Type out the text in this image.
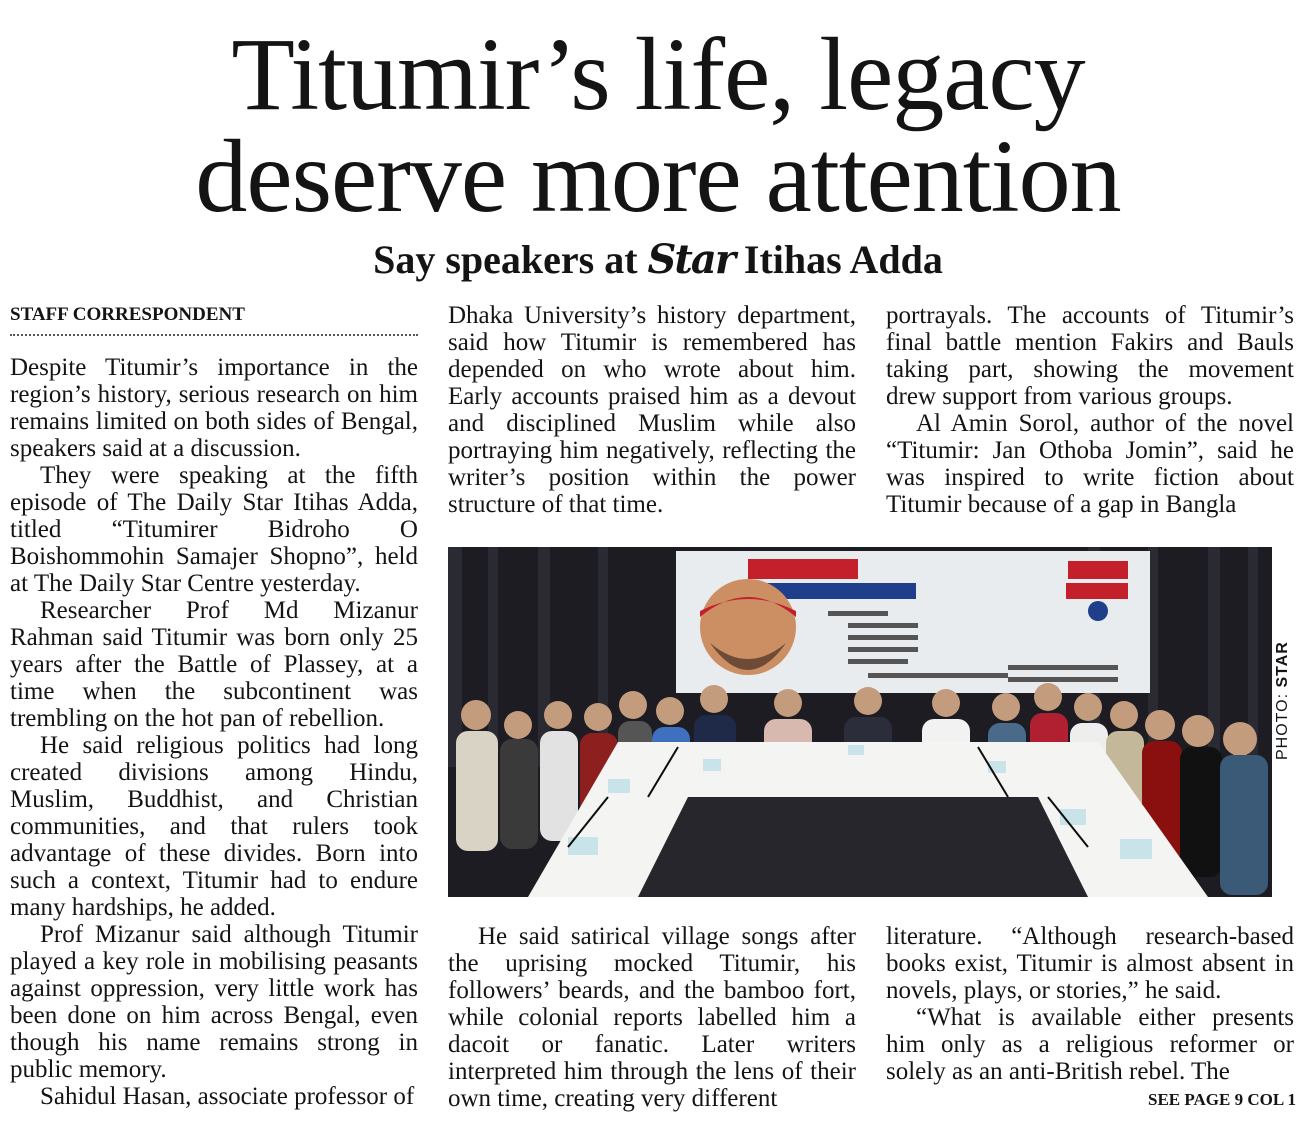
Titumir’s life, legacy
deserve more attention
Say speakers at Star Itihas Adda
STAFF CORRESPONDENT

Despite Titumir’s importance in the region’s history, serious research on him remains limited on both sides of Bengal, speakers said at a discussion.

They were speaking at the fifth episode of The Daily Star Itihas Adda, titled “Titumirer Bidroho O Boishommohin Samajer Shopno”, held at The Daily Star Centre yesterday.

Researcher Prof Md Mizanur Rahman said Titumir was born only 25 years after the Battle of Plassey, at a time when the subcontinent was trembling on the hot pan of rebellion.

He said religious politics had long created divisions among Hindu, Muslim, Buddhist, and Christian communities, and that rulers took advantage of these divides. Born into such a context, Titumir had to endure many hardships, he added.

Prof Mizanur said although Titumir played a key role in mobilising peasants against oppression, very little work has been done on him across Bengal, even though his name remains strong in public memory.

Sahidul Hasan, associate professor of

Dhaka University’s history department, said how Titumir is remembered has depended on who wrote about him. Early accounts praised him as a devout and disciplined Muslim while also portraying him negatively, reflecting the writer’s position within the power structure of that time.

portrayals. The accounts of Titumir’s final battle mention Fakirs and Bauls taking part, showing the movement drew support from various groups.

Al Amin Sorol, author of the novel “Titumir: Jan Othoba Jomin”, said he was inspired to write fiction about Titumir because of a gap in Bangla

PHOTO: STAR

He said satirical village songs after the uprising mocked Titumir, his followers’ beards, and the bamboo fort, while colonial reports labelled him a dacoit or fanatic. Later writers interpreted him through the lens of their own time, creating very different

literature. “Although research-based books exist, Titumir is almost absent in novels, plays, or stories,” he said.

“What is available either presents him only as a religious reformer or solely as an anti-British rebel. The

SEE PAGE 9 COL 1
